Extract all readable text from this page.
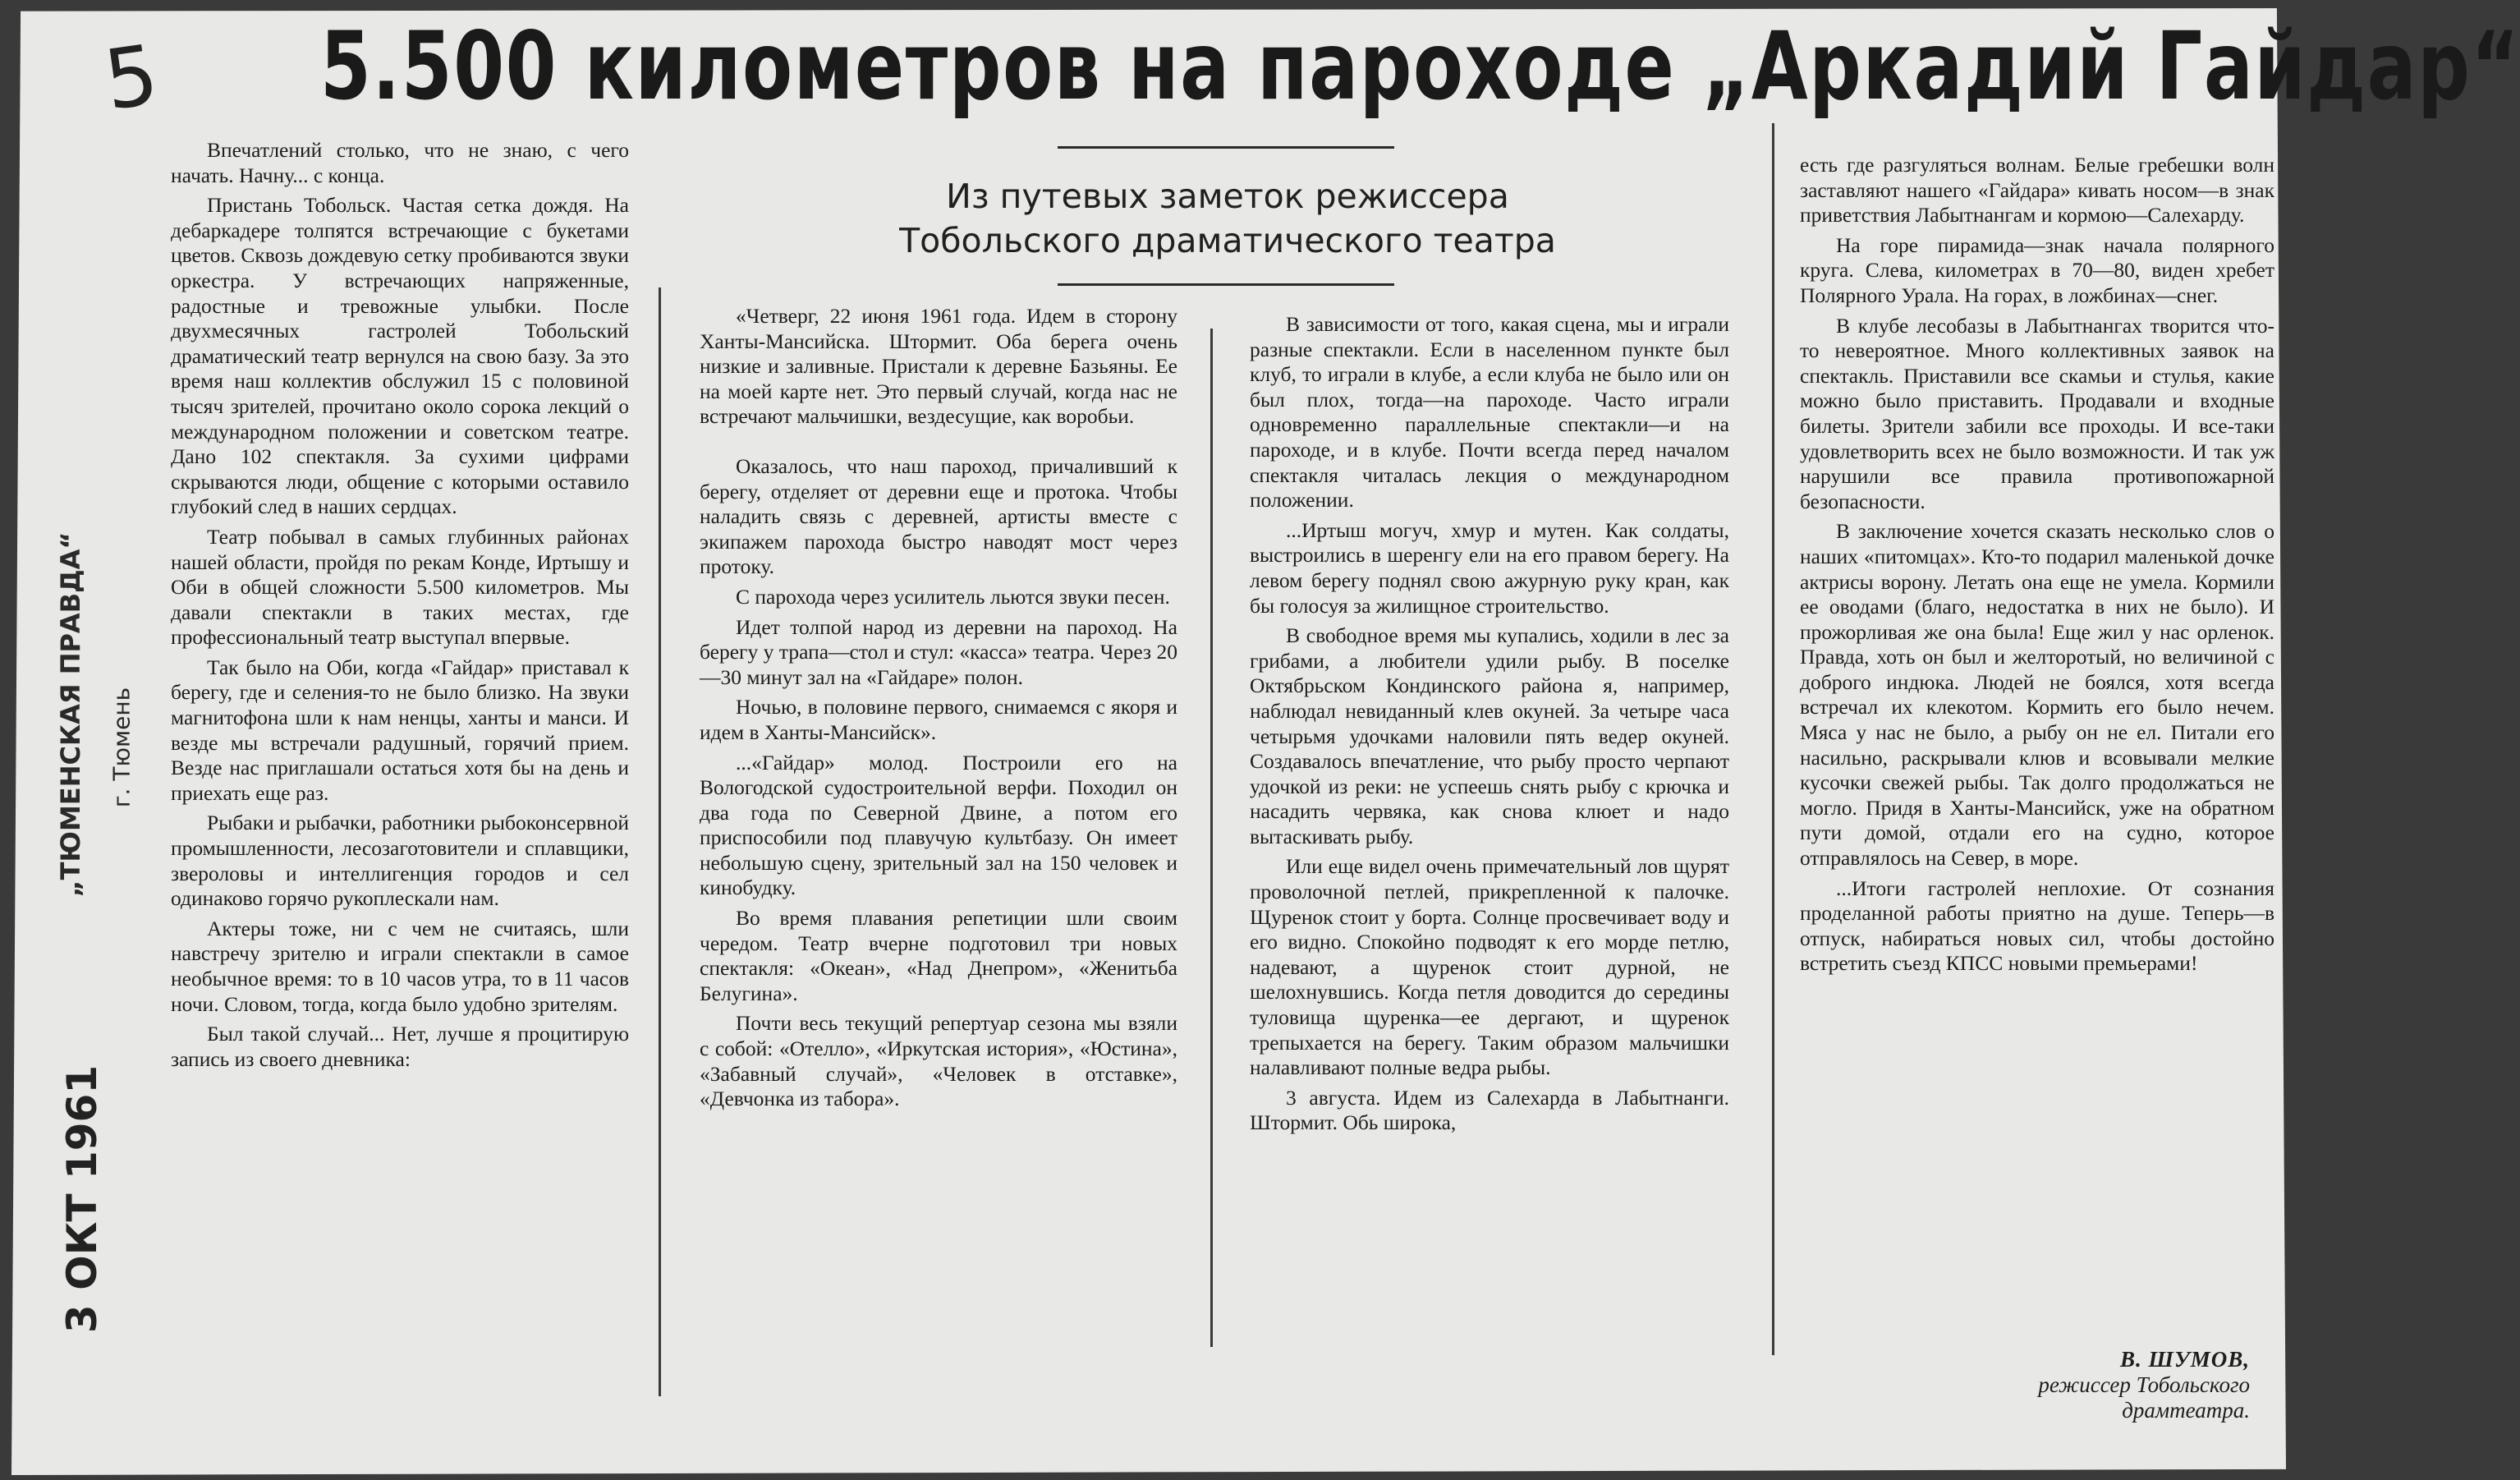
5 5.500 километров на пароходе „Аркадий Гайдар“
Из путевых заметок режиссера
Тобольского драматического театра
„ТЮМЕНСКАЯ ПРАВДА“ г. Тюмень
3 ОКТ 1961

Впечатлений столько, что не знаю, с чего начать. Начну... с конца.

Пристань Тобольск. Частая сетка дождя. На дебаркадере толпятся встречающие с букетами цветов. Сквозь дождевую сетку пробиваются звуки оркестра. У встречающих напряженные, радостные и тревожные улыбки. После двухмесячных гастролей Тобольский драматический театр вернулся на свою базу. За это время наш коллектив обслужил 15 с половиной тысяч зрителей, прочитано около сорока лекций о международном положении и советском театре. Дано 102 спектакля. За сухими цифрами скрываются люди, общение с которыми оставило глубокий след в наших сердцах.

Театр побывал в самых глубинных районах нашей области, пройдя по рекам Конде, Иртышу и Оби в общей сложности 5.500 километров. Мы давали спектакли в таких местах, где профессиональный театр выступал впервые.

Так было на Оби, когда «Гайдар» приставал к берегу, где и селения-то не было близко. На звуки магнитофона шли к нам ненцы, ханты и манси. И везде мы встречали радушный, горячий прием. Везде нас приглашали остаться хотя бы на день и приехать еще раз.

Рыбаки и рыбачки, работники рыбоконсервной промышленности, лесозаготовители и сплавщики, звероловы и интеллигенция городов и сел одинаково горячо рукоплескали нам.

Актеры тоже, ни с чем не считаясь, шли навстречу зрителю и играли спектакли в самое необычное время: то в 10 часов утра, то в 11 часов ночи. Словом, тогда, когда было удобно зрителям.

Был такой случай... Нет, лучше я процитирую запись из своего дневника:

«Четверг, 22 июня 1961 года. Идем в сторону Ханты-Мансийска. Штормит. Оба берега очень низкие и заливные. Пристали к деревне Базьяны. Ее на моей карте нет. Это первый случай, когда нас не встречают мальчишки, вездесущие, как воробьи.

Оказалось, что наш пароход, причаливший к берегу, отделяет от деревни еще и протока. Чтобы наладить связь с деревней, артисты вместе с экипажем парохода быстро наводят мост через протоку.

С парохода через усилитель льются звуки песен.

Идет толпой народ из деревни на пароход. На берегу у трапа—стол и стул: «касса» театра. Через 20—30 минут зал на «Гайдаре» полон.

Ночью, в половине первого, снимаемся с якоря и идем в Ханты-Мансийск».

...«Гайдар» молод. Построили его на Вологодской судостроительной верфи. Походил он два года по Северной Двине, а потом его приспособили под плавучую культбазу. Он имеет небольшую сцену, зрительный зал на 150 человек и кинобудку.

Во время плавания репетиции шли своим чередом. Театр вчерне подготовил три новых спектакля: «Океан», «Над Днепром», «Женитьба Белугина».

Почти весь текущий репертуар сезона мы взяли с собой: «Отелло», «Иркутская история», «Юстина», «Забавный случай», «Человек в отставке», «Девчонка из табора».

В зависимости от того, какая сцена, мы и играли разные спектакли. Если в населенном пункте был клуб, то играли в клубе, а если клуба не было или он был плох, тогда—на пароходе. Часто играли одновременно параллельные спектакли—и на пароходе, и в клубе. Почти всегда перед началом спектакля читалась лекция о международном положении.

...Иртыш могуч, хмур и мутен. Как солдаты, выстроились в шеренгу ели на его правом берегу. На левом берегу поднял свою ажурную руку кран, как бы голосуя за жилищное строительство.

В свободное время мы купались, ходили в лес за грибами, а любители удили рыбу. В поселке Октябрьском Кондинского района я, например, наблюдал невиданный клев окуней. За четыре часа четырьмя удочками наловили пять ведер окуней. Создавалось впечатление, что рыбу просто черпают удочкой из реки: не успеешь снять рыбу с крючка и насадить червяка, как снова клюет и надо вытаскивать рыбу.

Или еще видел очень примечательный лов щурят проволочной петлей, прикрепленной к палочке. Щуренок стоит у борта. Солнце просвечивает воду и его видно. Спокойно подводят к его морде петлю, надевают, а щуренок стоит дурной, не шелохнувшись. Когда петля доводится до середины туловища щуренка—ее дергают, и щуренок трепыхается на берегу. Таким образом мальчишки налавливают полные ведра рыбы.

3 августа. Идем из Салехарда в Лабытнанги. Штормит. Обь широка,

есть где разгуляться волнам. Белые гребешки волн заставляют нашего «Гайдара» кивать носом—в знак приветствия Лабытнангам и кормою—Салехарду.

На горе пирамида—знак начала полярного круга. Слева, километрах в 70—80, виден хребет Полярного Урала. На горах, в ложбинах—снег.

В клубе лесобазы в Лабытнангах творится что-то невероятное. Много коллективных заявок на спектакль. Приставили все скамьи и стулья, какие можно было приставить. Продавали и входные билеты. Зрители забили все проходы. И все-таки удовлетворить всех не было возможности. И так уж нарушили все правила противопожарной безопасности.

В заключение хочется сказать несколько слов о наших «питомцах». Кто-то подарил маленькой дочке актрисы ворону. Летать она еще не умела. Кормили ее оводами (благо, недостатка в них не было). И прожорливая же она была! Еще жил у нас орленок. Правда, хоть он был и желторотый, но величиной с доброго индюка. Людей не боялся, хотя всегда встречал их клекотом. Кормить его было нечем. Мяса у нас не было, а рыбу он не ел. Питали его насильно, раскрывали клюв и всовывали мелкие кусочки свежей рыбы. Так долго продолжаться не могло. Придя в Ханты-Мансийск, уже на обратном пути домой, отдали его на судно, которое отправлялось на Север, в море.

...Итоги гастролей неплохие. От сознания проделанной работы приятно на душе. Теперь—в отпуск, набираться новых сил, чтобы достойно встретить съезд КПСС новыми премьерами!

В. ШУМОВ,
режиссер Тобольского
драмтеатра.
